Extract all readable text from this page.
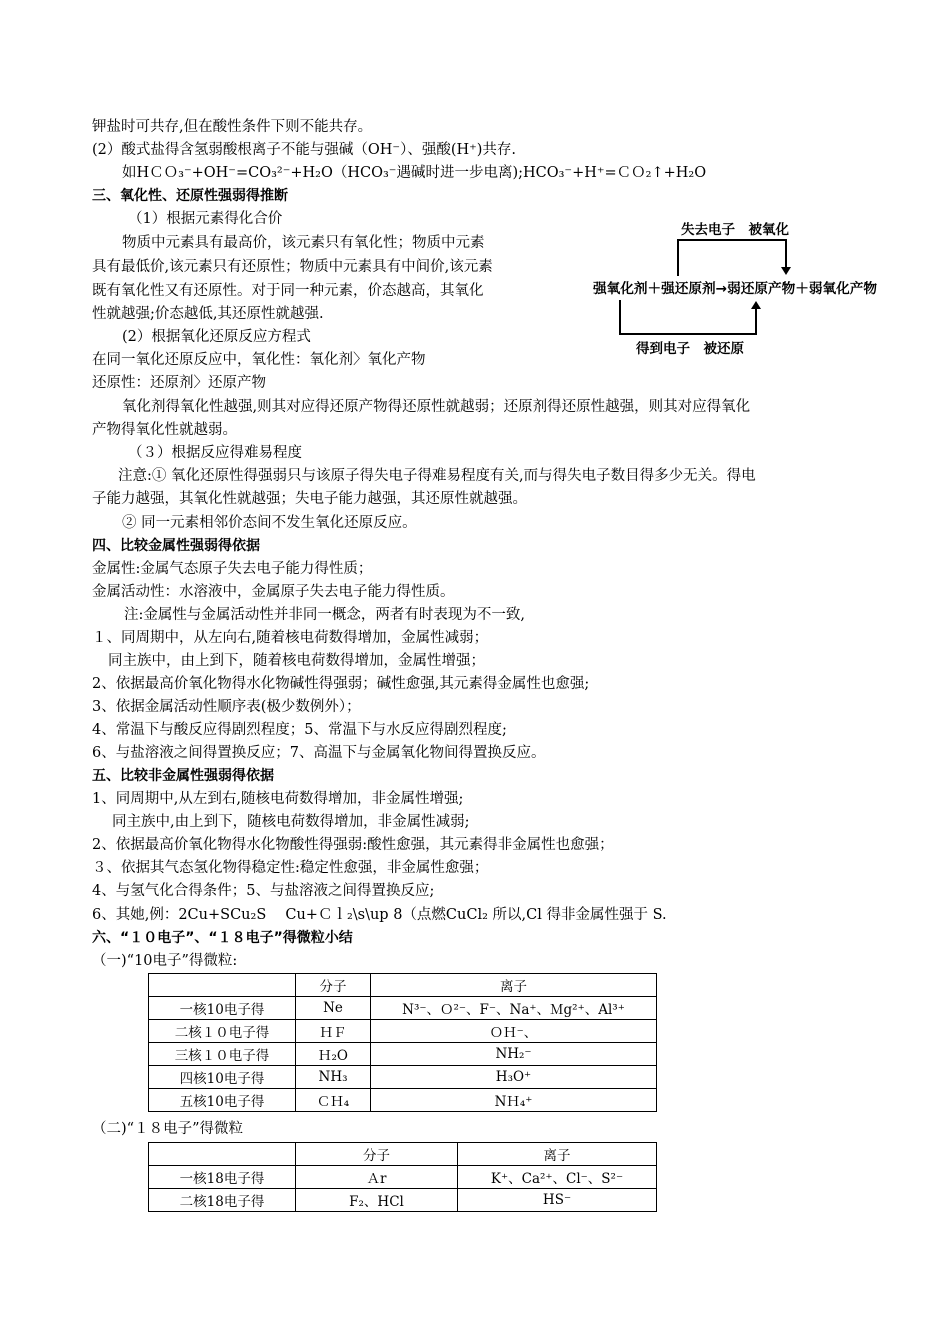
钾盐时可共存,但在酸性条件下则不能共存。
(2）酸式盐得含氢弱酸根离子不能与强碱（OH⁻）、强酸(H⁺)共存.
如HＣＯ₃⁻+OH⁻=CO₃²⁻+H₂O（HCO₃⁻遇碱时进一步电离);HCO₃⁻+H⁺=ＣＯ₂↑+H₂O
三、氧化性、还原性强弱得推断
（1）根据元素得化合价
物质中元素具有最高价，该元素只有氧化性；物质中元素
具有最低价,该元素只有还原性；物质中元素具有中间价,该元素
既有氧化性又有还原性。对于同一种元素，价态越高，其氧化
性就越强;价态越低,其还原性就越强.
(2）根据氧化还原反应方程式
在同一氧化还原反应中，氧化性：氧化剂〉氧化产物
还原性：还原剂〉还原产物
氧化剂得氧化性越强,则其对应得还原产物得还原性就越弱；还原剂得还原性越强，则其对应得氧化
产物得氧化性就越弱。
（３）根据反应得难易程度
注意:① 氧化还原性得强弱只与该原子得失电子得难易程度有关,而与得失电子数目得多少无关。得电
子能力越强，其氧化性就越强；失电子能力越强，其还原性就越强。
② 同一元素相邻价态间不发生氧化还原反应。
四、比较金属性强弱得依据
金属性:金属气态原子失去电子能力得性质；
金属活动性：水溶液中，金属原子失去电子能力得性质。
注:金属性与金属活动性并非同一概念，两者有时表现为不一致,
１、同周期中，从左向右,随着核电荷数得增加，金属性减弱；
同主族中，由上到下，随着核电荷数得增加，金属性增强；
2、依据最高价氧化物得水化物碱性得强弱；碱性愈强,其元素得金属性也愈强;
3、依据金属活动性顺序表(极少数例外）；
4、常温下与酸反应得剧烈程度；5、常温下与水反应得剧烈程度;
6、与盐溶液之间得置换反应；7、高温下与金属氧化物间得置换反应。
五、比较非金属性强弱得依据
1、同周期中,从左到右,随核电荷数得增加，非金属性增强;
同主族中,由上到下，随核电荷数得增加，非金属性减弱;
2、依据最高价氧化物得水化物酸性得强弱:酸性愈强，其元素得非金属性也愈强；
３、依据其气态氢化物得稳定性:稳定性愈强，非金属性愈强；
4、与氢气化合得条件；5、与盐溶液之间得置换反应;
6、其她,例：2Cu+SCu₂S　 Cu+Ｃｌ₂\s\up 8（点燃CuCl₂ 所以,Cl 得非金属性强于 S.
六、“１０电子”、“１８电子”得微粒小结
（一)“10电子”得微粒:
失去电子　被氧化
强氧化剂＋强还原剂→弱还原产物＋弱氧化产物
得到电子　被还原
	分子	离子
一核10电子得	Ne	N³⁻、Ｏ²⁻、F⁻、Na⁺、Ｍg²⁺、Al³⁺
二核１０电子得	ＨＦ	ＯＨ⁻、
三核１０电子得	Ｈ₂O	NH₂⁻
四核10电子得	NH₃	H₃O⁺
五核10电子得	ＣＨ₄	NＨ₄⁺
（二)“１８电子”得微粒
	分子	离子
一核18电子得	Ａr	K⁺、Ca²⁺、Cl⁻、S²⁻
二核18电子得	F₂、HCl	HS⁻
